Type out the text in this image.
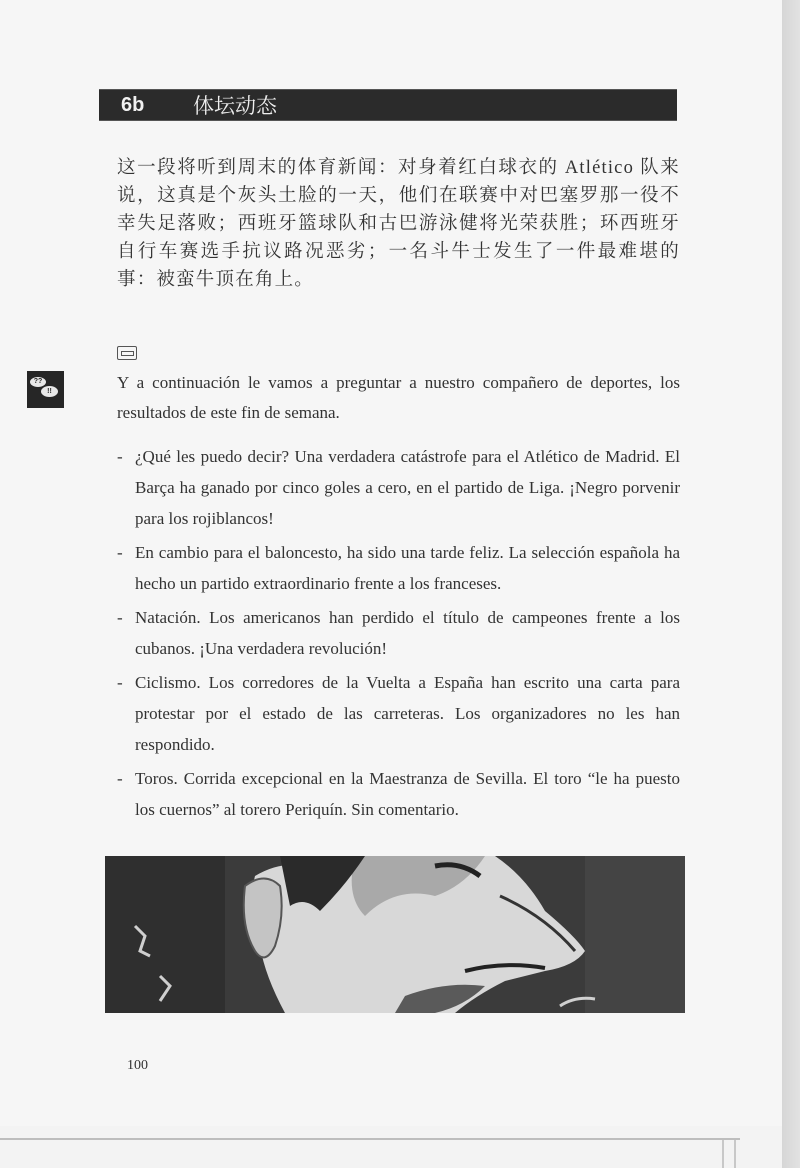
6b	体坛动态

这一段将听到周末的体育新闻：对身着红白球衣的 Atlético 队来说，这真是个灰头土脸的一天，他们在联赛中对巴塞罗那一役不幸失足落败；西班牙篮球队和古巴游泳健将光荣获胜；环西班牙自行车赛选手抗议路况恶劣；一名斗牛士发生了一件最难堪的事：被蛮牛顶在角上。

??
!!	Y a continuación le vamos a preguntar a nuestro compañero de deportes, los resultados de este fin de semana.

- ¿Qué les puedo decir? Una verdadera catástrofe para el Atlético de Madrid. El Barça ha ganado por cinco goles a cero, en el partido de Liga. ¡Negro porvenir para los rojiblancos!
- En cambio para el baloncesto, ha sido una tarde feliz. La selección española ha hecho un partido extraordinario frente a los franceses.
- Natación. Los americanos han perdido el título de campeones frente a los cubanos. ¡Una verdadera revolución!
- Ciclismo. Los corredores de la Vuelta a España han escrito una carta para protestar por el estado de las carreteras. Los organizadores no les han respondido.
- Toros. Corrida excepcional en la Maestranza de Sevilla. El toro “le ha puesto los cuernos” al torero Periquín. Sin comentario.
100
